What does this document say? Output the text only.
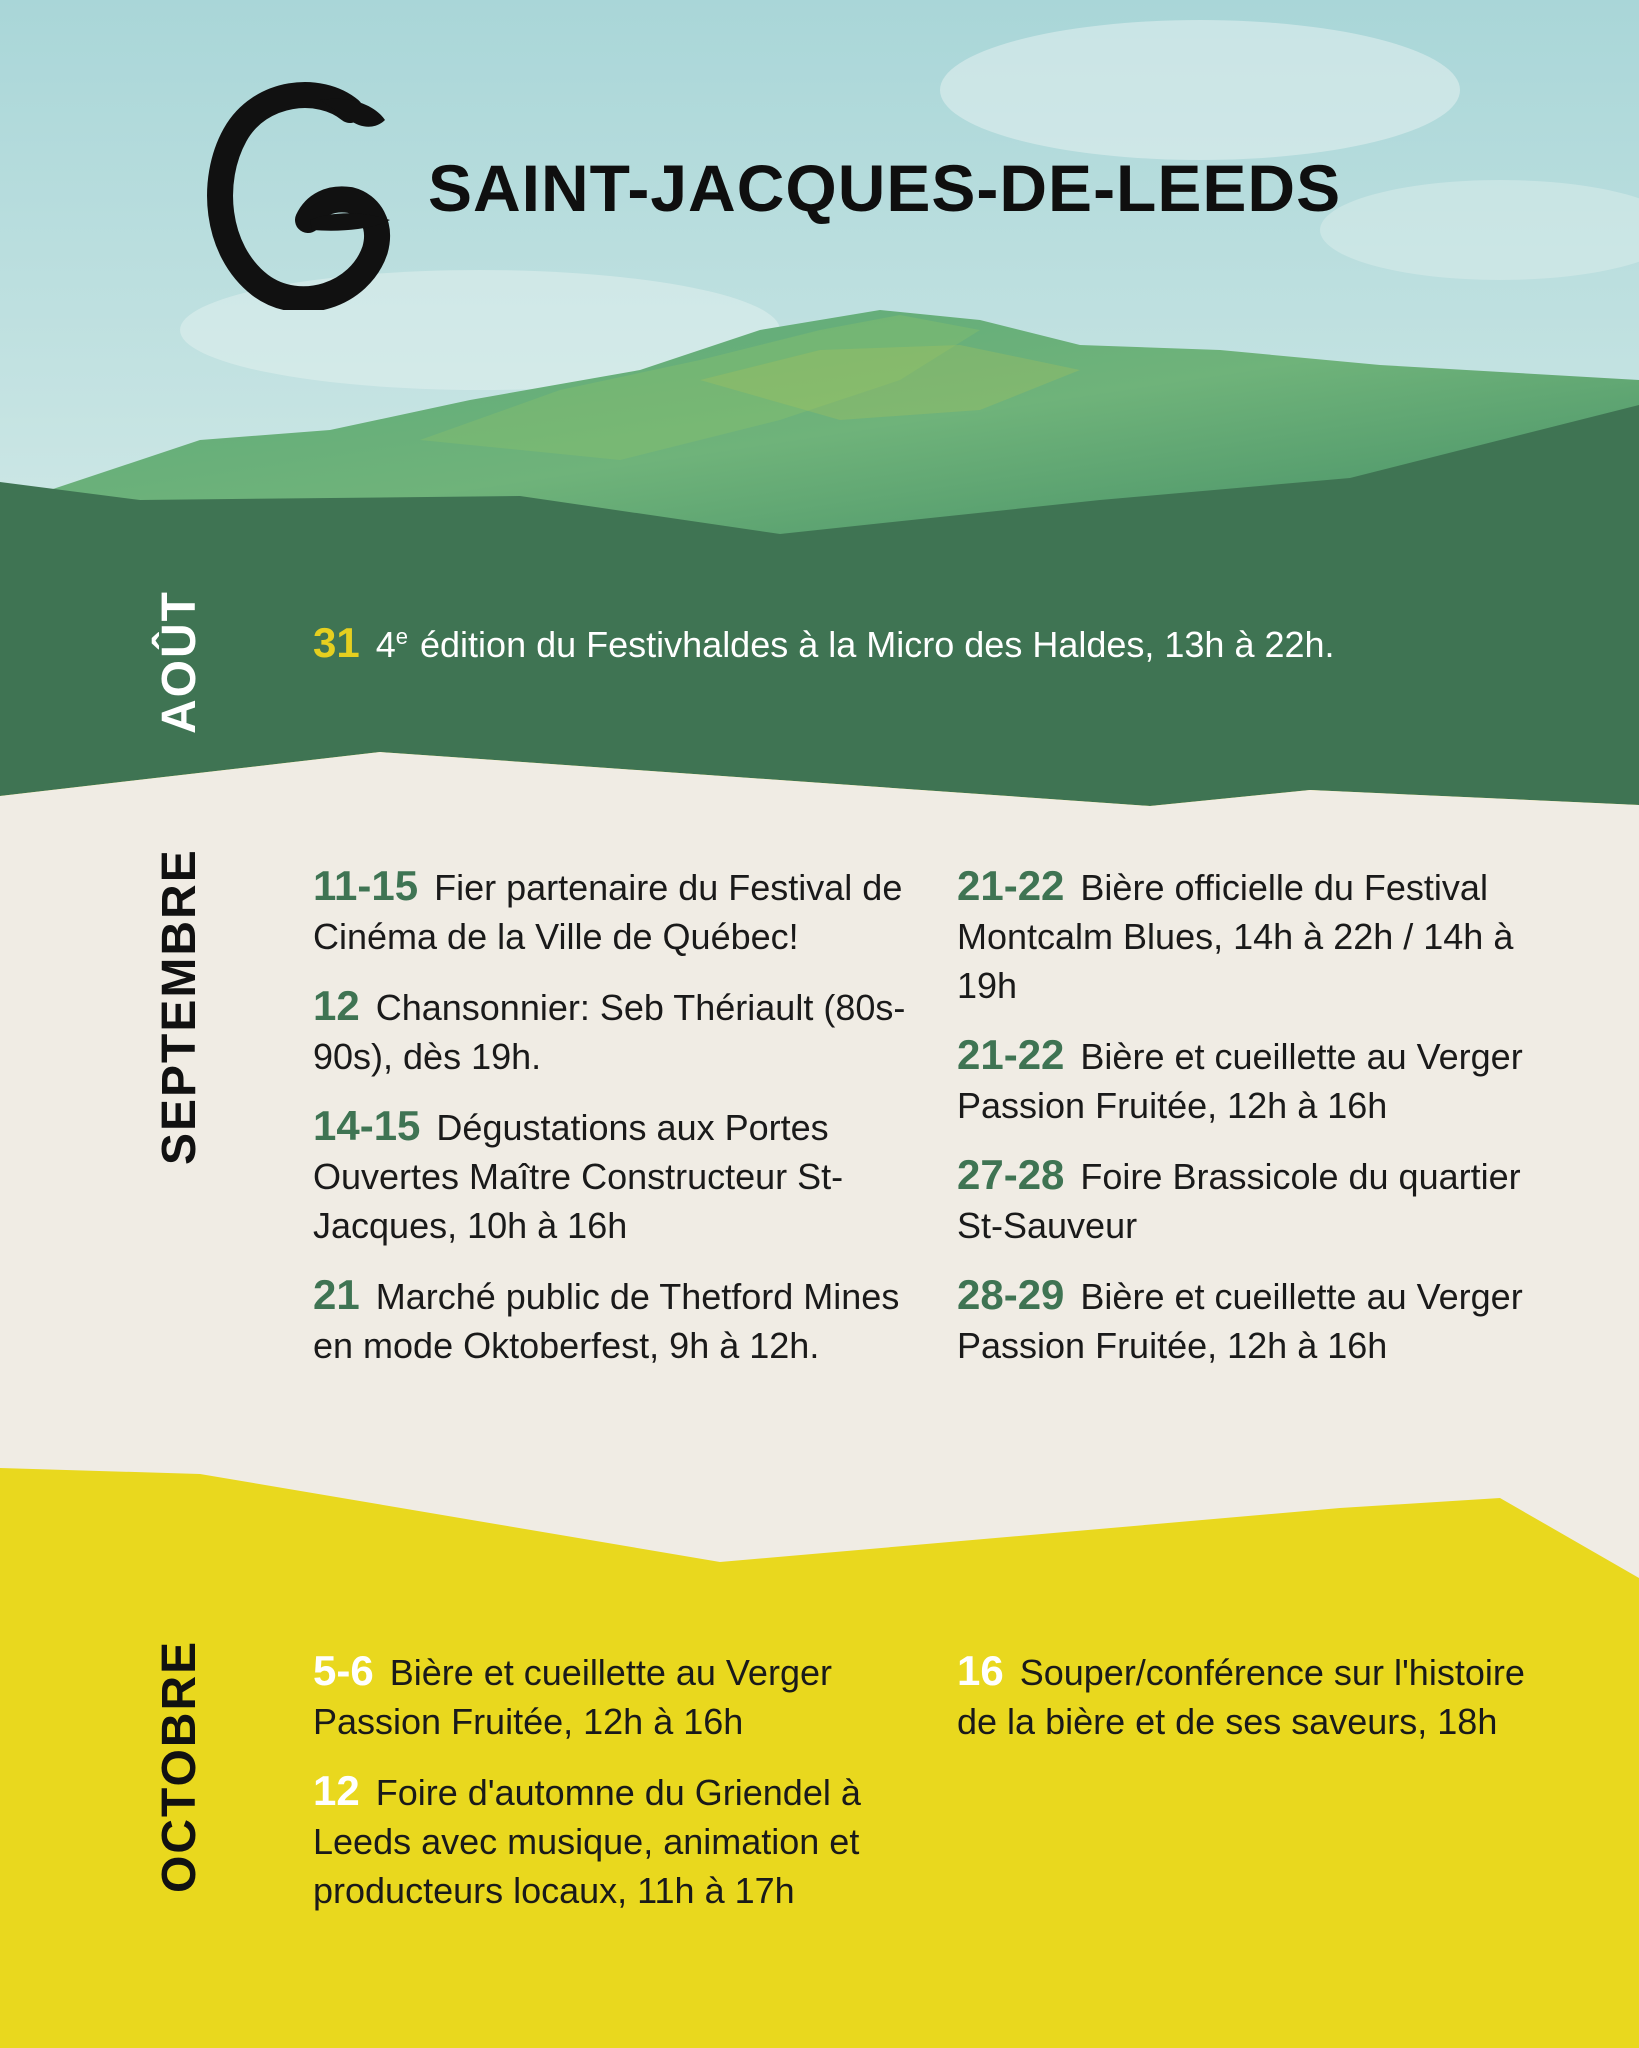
SAINT-JACQUES-DE-LEEDS
AOÛT	31 4e édition du Festivhaldes à la Micro des Haldes, 13h à 22h.
SEPTEMBRE	11-15 Fier partenaire du Festival de Cinéma de la Ville de Québec!
12 Chansonnier: Seb Thériault (80s-90s), dès 19h.
14-15 Dégustations aux Portes Ouvertes Maître Constructeur St-Jacques, 10h à 16h
21 Marché public de Thetford Mines en mode Oktoberfest, 9h à 12h.
21-22 Bière officielle du Festival Montcalm Blues, 14h à 22h / 14h à 19h
21-22 Bière et cueillette au Verger Passion Fruitée, 12h à 16h
27-28 Foire Brassicole du quartier St-Sauveur
28-29 Bière et cueillette au Verger Passion Fruitée, 12h à 16h
OCTOBRE	5-6 Bière et cueillette au Verger Passion Fruitée, 12h à 16h
12 Foire d'automne du Griendel à Leeds avec musique, animation et producteurs locaux, 11h à 17h
16 Souper/conférence sur l'histoire de la bière et de ses saveurs, 18h
